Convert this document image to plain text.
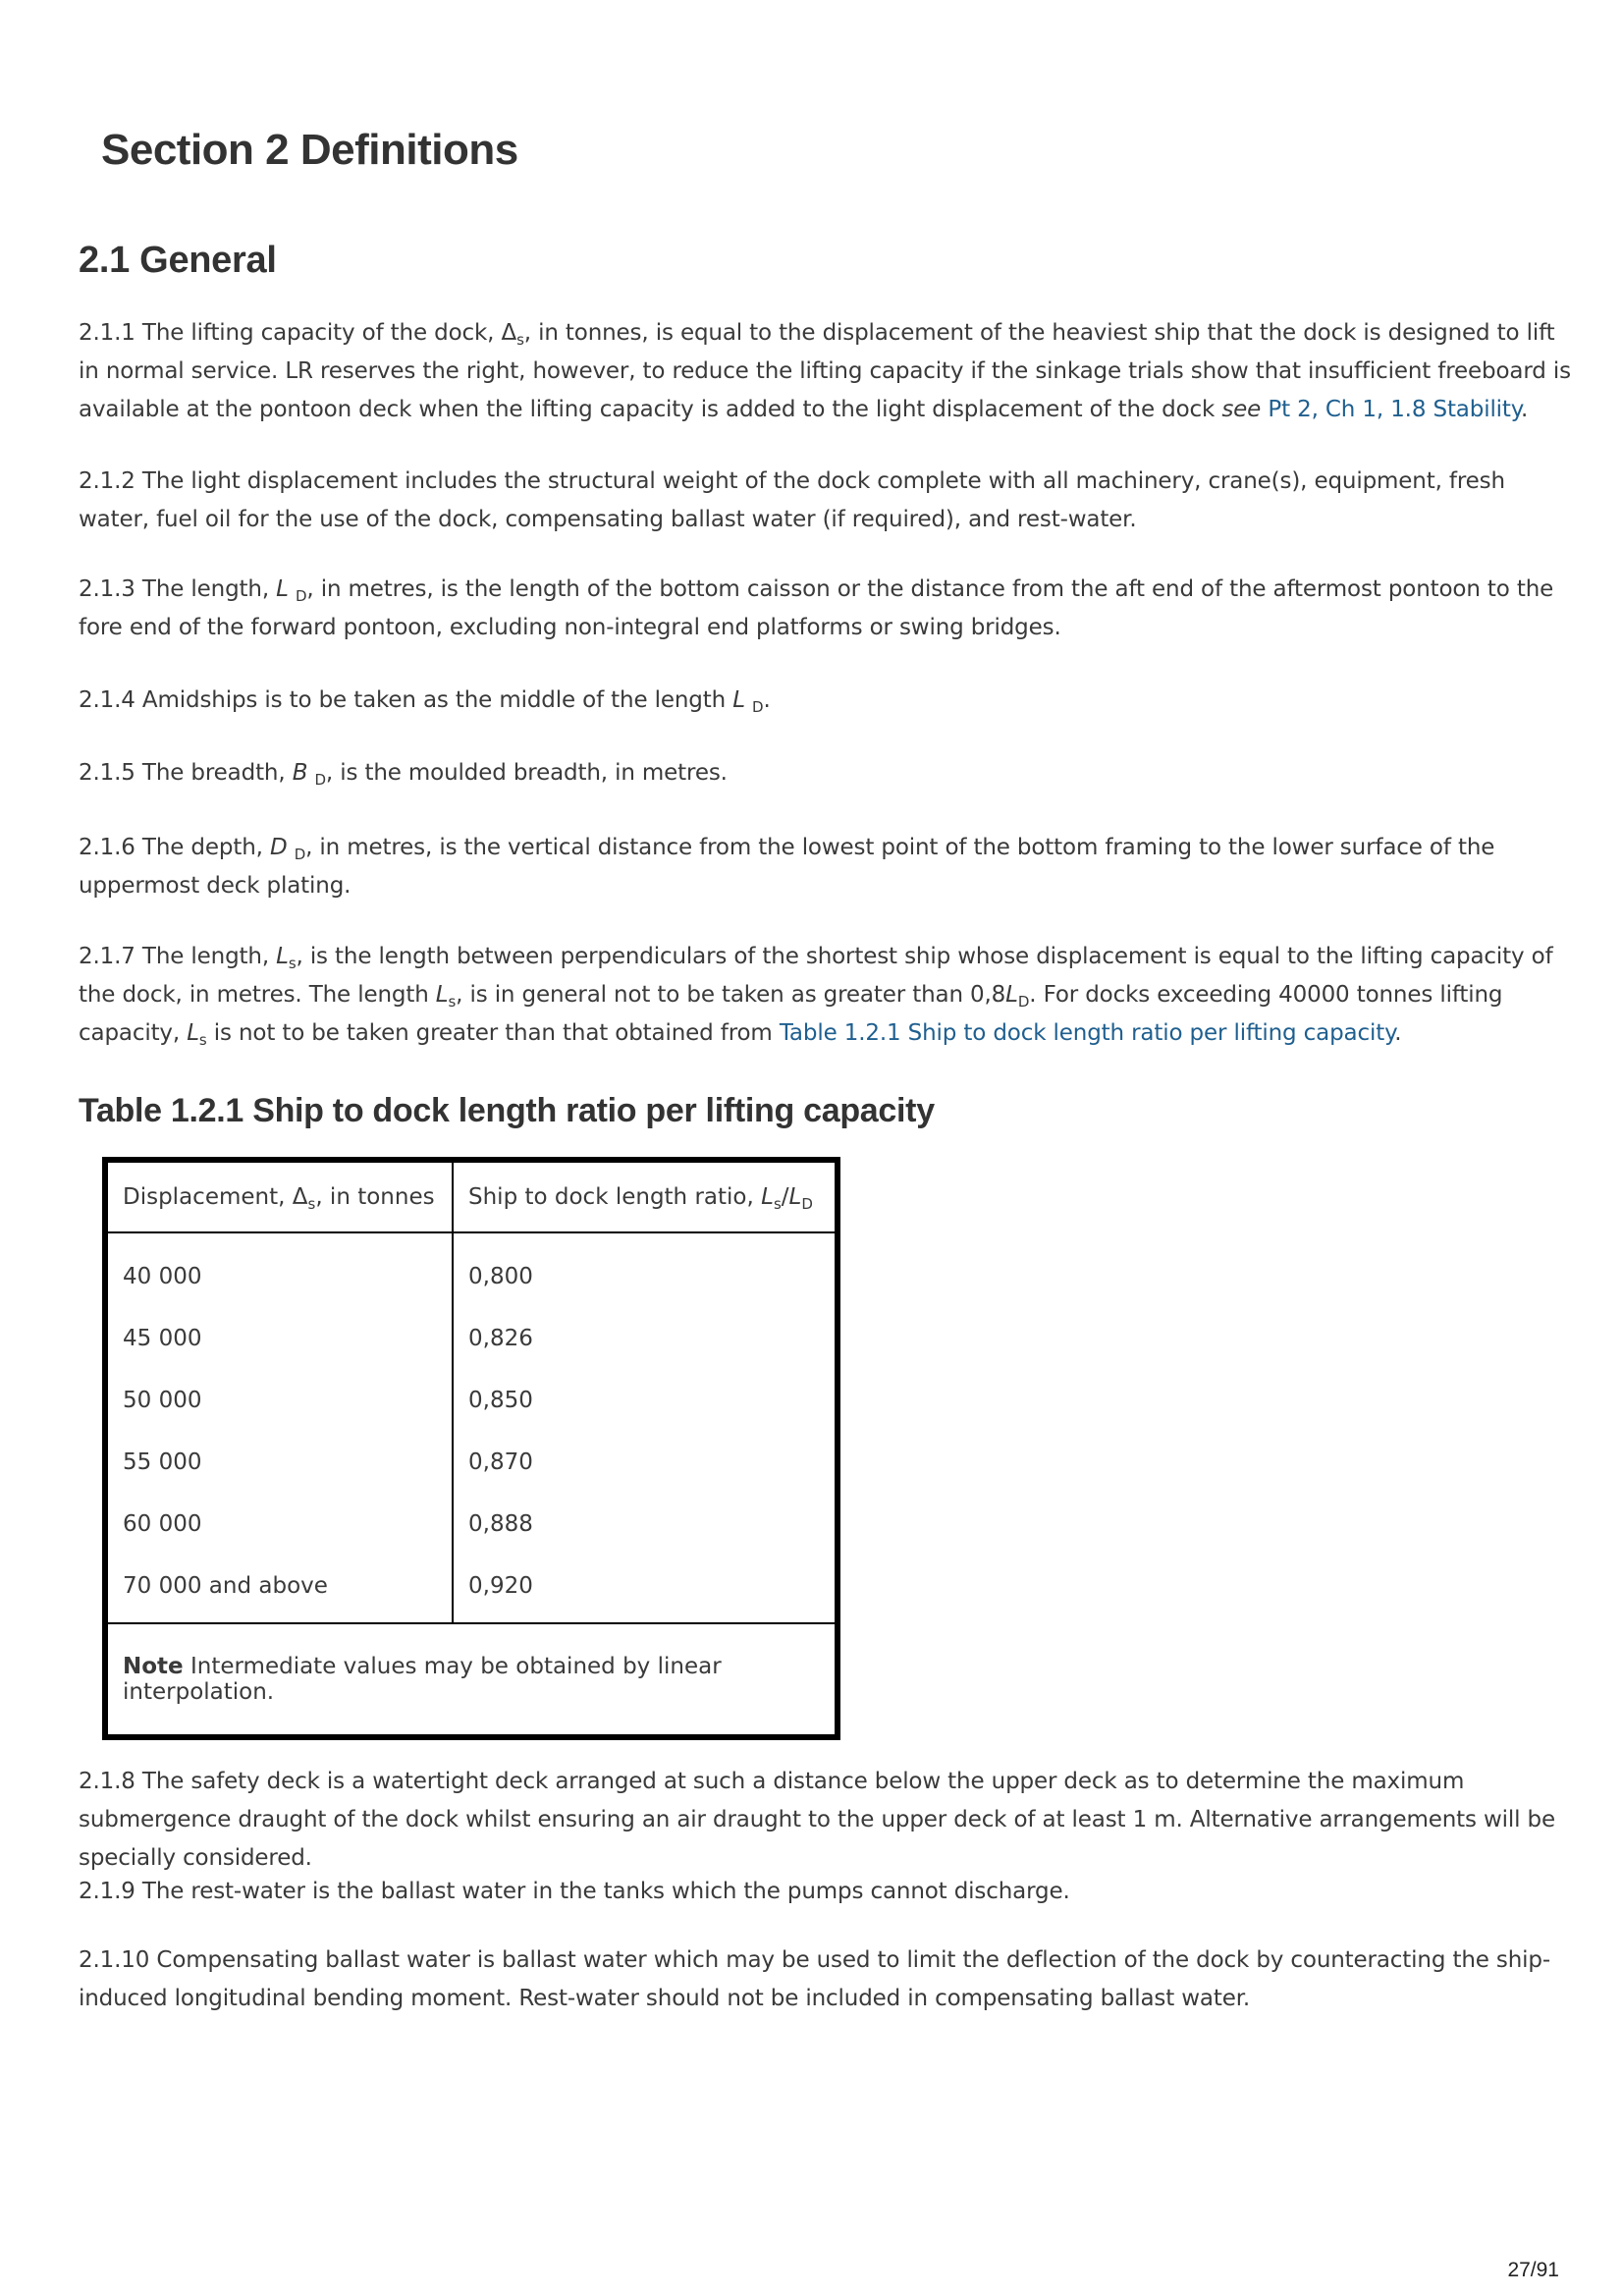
Section 2 Definitions
2.1 General

2.1.1 The lifting capacity of the dock, $\Delta_s$, in tonnes, is equal to the displacement of the heaviest ship that the dock is designed to lift in normal service. LR reserves the right, however, to reduce the lifting capacity if the sinkage trials show that insufficient freeboard is available at the pontoon deck when the lifting capacity is added to the light displacement of the dock see Pt 2, Ch 1, 1.8 Stability.

2.1.2 The light displacement includes the structural weight of the dock complete with all machinery, crane(s), equipment, fresh water, fuel oil for the use of the dock, compensating ballast water (if required), and rest-water.

2.1.3 The length, L $_D$, in metres, is the length of the bottom caisson or the distance from the aft end of the aftermost pontoon to the fore end of the forward pontoon, excluding non-integral end platforms or swing bridges.

2.1.4 Amidships is to be taken as the middle of the length L $_D$.

2.1.5 The breadth, B $_D$, is the moulded breadth, in metres.

2.1.6 The depth, D $_D$, in metres, is the vertical distance from the lowest point of the bottom framing to the lower surface of the uppermost deck plating.

2.1.7 The length, $L_s$, is the length between perpendiculars of the shortest ship whose displacement is equal to the lifting capacity of the dock, in metres. The length $L_s$, is in general not to be taken as greater than $0,8L_D$. For docks exceeding 40000 tonnes lifting capacity, $L_s$ is not to be taken greater than that obtained from Table 1.2.1 Ship to dock length ratio per lifting capacity.

Table 1.2.1 Ship to dock length ratio per lifting capacity
Displacement, $\Delta_s$, in tonnes	Ship to dock length ratio, $L_s/L_D$
40 000	0,800
45 000	0,826
50 000	0,850
55 000	0,870
60 000	0,888
70 000 and above	0,920
Note Intermediate values may be obtained by linear interpolation.	

2.1.8 The safety deck is a watertight deck arranged at such a distance below the upper deck as to determine the maximum submergence draught of the dock whilst ensuring an air draught to the upper deck of at least 1 m. Alternative arrangements will be specially considered.

2.1.9 The rest-water is the ballast water in the tanks which the pumps cannot discharge.

2.1.10 Compensating ballast water is ballast water which may be used to limit the deflection of the dock by counteracting the ship-induced longitudinal bending moment. Rest-water should not be included in compensating ballast water.

27/91
